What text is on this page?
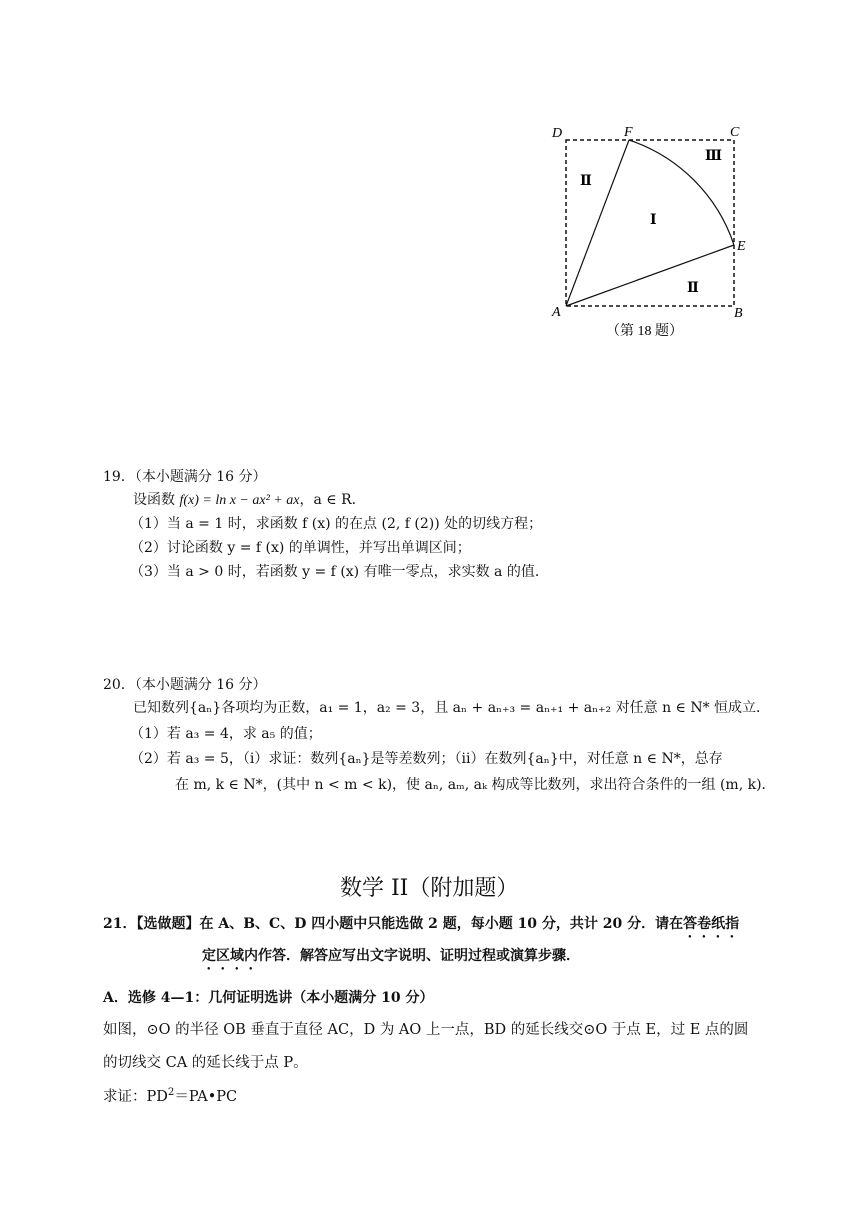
D	F	C
E
A	B
Ⅰ
Ⅱ
Ⅱ
Ⅲ
（第 18 题）
19．（本小题满分 16 分）
设函数 f(x) = ln x − ax² + ax，a ∈ R．
（1）当 a = 1 时，求函数 f (x) 的在点 (2, f (2)) 处的切线方程；
（2）讨论函数 y = f (x) 的单调性，并写出单调区间；
（3）当 a > 0 时，若函数 y = f (x) 有唯一零点，求实数 a 的值．
20．（本小题满分 16 分）
已知数列{aₙ}各项均为正数，a₁ = 1，a₂ = 3，且 aₙ + aₙ₊₃ = aₙ₊₁ + aₙ₊₂ 对任意 n ∈ N* 恒成立．
（1）若 a₃ = 4，求 a₅ 的值；
（2）若 a₃ = 5，（i）求证：数列{aₙ}是等差数列；（ii）在数列{aₙ}中，对任意 n ∈ N*，总存
在 m, k ∈ N*，(其中 n < m < k)，使 aₙ, aₘ, aₖ 构成等比数列，求出符合条件的一组 (m, k)．
数学 II（附加题）
21．【选做题】在 A、B、C、D 四小题中只能选做 2 题，每小题 10 分，共计 20 分．请在答卷纸指
定区域内作答．解答应写出文字说明、证明过程或演算步骤．
A．选修 4—1：几何证明选讲（本小题满分 10 分）
如图，⊙O 的半径 OB 垂直于直径 AC，D 为 AO 上一点，BD 的延长线交⊙O 于点 E，过 E 点的圆
的切线交 CA 的延长线于点 P。
求证：$PD^2=PA•PC$
